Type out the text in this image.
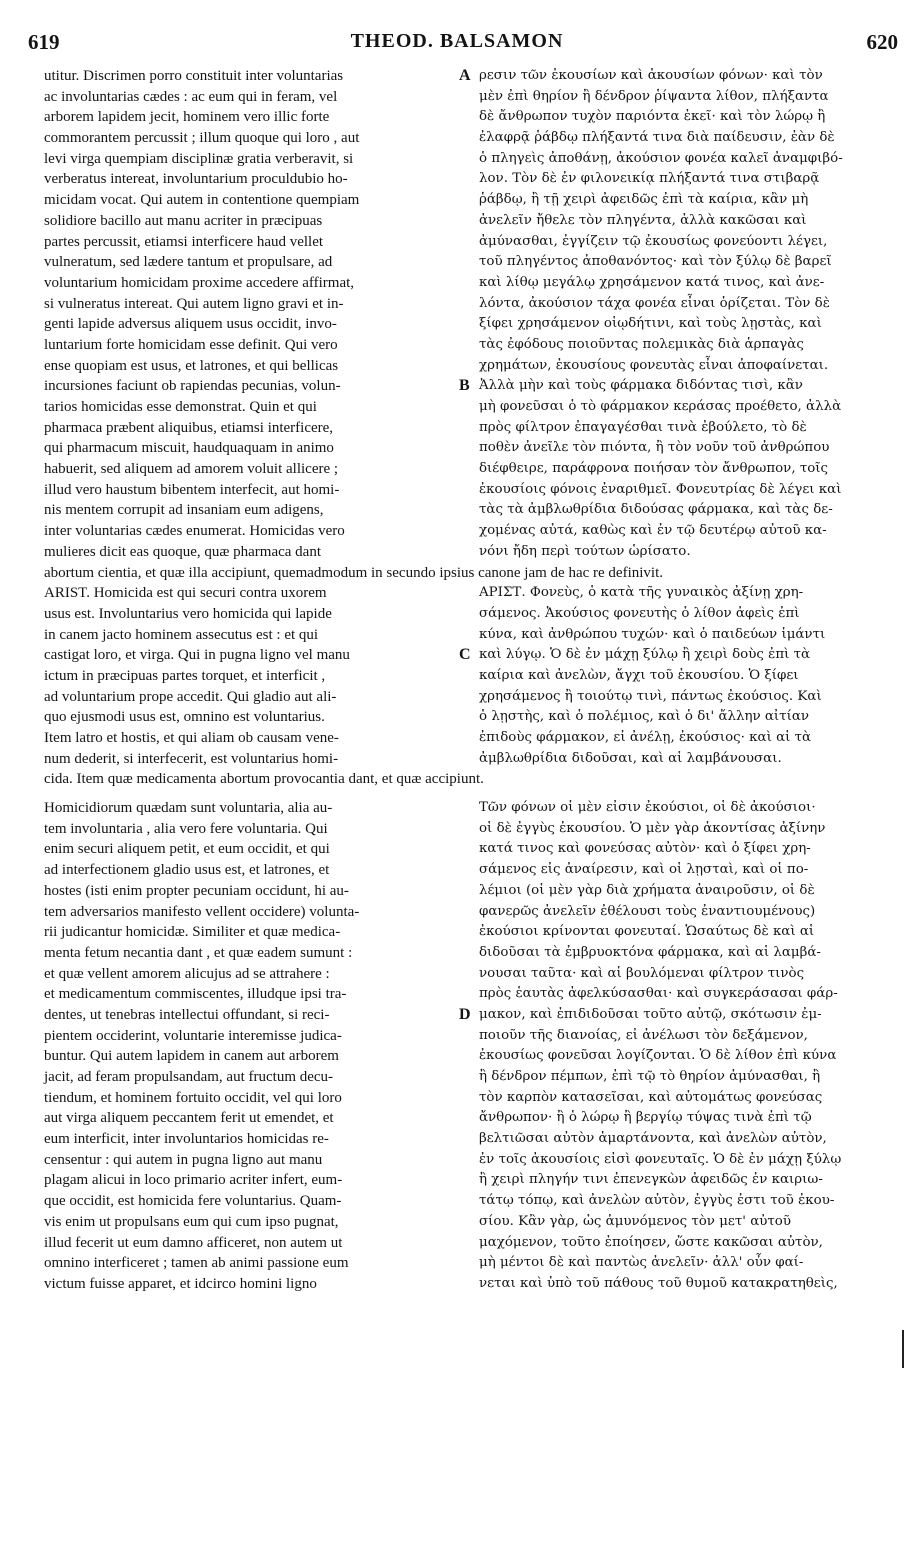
619	THEOD. BALSAMON	620
utitur. Discrimen porro constituit inter voluntarias	A ρεσιν τῶν ἐκουσίων καὶ ἀκουσίων φόνων· καὶ τὸν
ac involuntarias cædes : ac eum qui in feram, vel	μὲν ἐπὶ θηρίον ἢ δένδρον ῥίψαντα λίθον, πλήξαντα
arborem lapidem jecit, hominem vero illic forte	δὲ ἄνθρωπον τυχὸν παριόντα ἐκεῖ· καὶ τὸν λώρῳ ἢ
commorantem percussit ; illum quoque qui loro , aut	ἐλαφρᾷ ῥάβδῳ πλήξαντά τινα διὰ παίδευσιν, ἐὰν δὲ
levi virga quempiam disciplinæ gratia verberavit, si	ὁ πληγεὶς ἀποθάνῃ, ἀκούσιον φονέα καλεῖ ἀναμφιβό-
verberatus intereat, involuntarium proculdubio ho-	λον. Τὸν δὲ ἐν φιλονεικίᾳ πλήξαντά τινα στιβαρᾷ
micidam vocat. Qui autem in contentione quempiam	ῥάβδῳ, ἢ τῇ χειρὶ ἀφειδῶς ἐπὶ τὰ καίρια, κἂν μὴ
solidiore bacillo aut manu acriter in præcipuas	ἀνελεῖν ἤθελε τὸν πληγέντα, ἀλλὰ κακῶσαι καὶ
partes percussit, etiamsi interficere haud vellet	ἀμύνασθαι, ἐγγίζειν τῷ ἐκουσίως φονεύοντι λέγει,
vulneratum, sed lædere tantum et propulsare, ad	τοῦ πληγέντος ἀποθανόντος· καὶ τὸν ξύλῳ δὲ βαρεῖ
voluntarium homicidam proxime accedere affirmat,	καὶ λίθῳ μεγάλῳ χρησάμενον κατά τινος, καὶ ἀνε-
si vulneratus intereat. Qui autem ligno gravi et in-	λόντα, ἀκούσιον τάχα φονέα εἶναι ὁρίζεται. Τὸν δὲ
genti lapide adversus aliquem usus occidit, invo-	ξίφει χρησάμενον οἱῳδήτινι, καὶ τοὺς λῃστὰς, καὶ
luntarium forte homicidam esse definit. Qui vero	τὰς ἐφόδους ποιοῦντας πολεμικὰς διὰ ἁρπαγὰς
ense quopiam est usus, et latrones, et qui bellicas	χρημάτων, ἐκουσίους φονευτὰς εἶναι ἀποφαίνεται.
incursiones faciunt ob rapiendas pecunias, volun-	B Ἀλλὰ μὴν καὶ τοὺς φάρμακα διδόντας τισὶ, κἂν
tarios homicidas esse demonstrat. Quin et qui	μὴ φονεῦσαι ὁ τὸ φάρμακον κεράσας προέθετο, ἀλλὰ
pharmaca præbent aliquibus, etiamsi interficere,	πρὸς φίλτρον ἐπαγαγέσθαι τινὰ ἐβούλετο, τὸ δὲ
qui pharmacum miscuit, haudquaquam in animo	ποθὲν ἀνεῖλε τὸν πιόντα, ἢ τὸν νοῦν τοῦ ἀνθρώπου
habuerit, sed aliquem ad amorem voluit allicere ;	διέφθειρε, παράφρονα ποιήσαν τὸν ἄνθρωπον, τοῖς
illud vero haustum bibentem interfecit, aut homi-	ἐκουσίοις φόνοις ἐναριθμεῖ. Φονευτρίας δὲ λέγει καὶ
nis mentem corrupit ad insaniam eum adigens,	τὰς τὰ ἀμβλωθρίδια διδούσας φάρμακα, καὶ τὰς δε-
inter voluntarias cædes enumerat. Homicidas vero	χομένας αὐτά, καθὼς καὶ ἐν τῷ δευτέρῳ αὐτοῦ κα-
mulieres dicit eas quoque, quæ pharmaca dant	νόνι ἤδη περὶ τούτων ὡρίσατο.
abortum cientia, et quæ illa accipiunt, quemadmodum in secundo ipsius canone jam de hac re definivit.
ARIST. Homicida est qui securi contra uxorem	ΑΡΙΣΤ. Φονεὺς, ὁ κατὰ τῆς γυναικὸς ἀξίνῃ χρη-
usus est. Involuntarius vero homicida qui lapide	σάμενος. Ἀκούσιος φονευτὴς ὁ λίθον ἀφεὶς ἐπὶ
in canem jacto hominem assecutus est : et qui	κύνα, καὶ ἀνθρώπου τυχών· καὶ ὁ παιδεύων ἱμάντι
castigat loro, et virga. Qui in pugna ligno vel manu	C καὶ λύγῳ. Ὁ δὲ ἐν μάχῃ ξύλῳ ἢ χειρὶ δοὺς ἐπὶ τὰ
ictum in præcipuas partes torquet, et interficit ,	καίρια καὶ ἀνελὼν, ἄγχι τοῦ ἐκουσίου. Ὁ ξίφει
ad voluntarium prope accedit. Qui gladio aut ali-	χρησάμενος ἢ τοιούτῳ τινὶ, πάντως ἐκούσιος. Καὶ
quo ejusmodi usus est, omnino est voluntarius.	ὁ λῃστὴς, καὶ ὁ πολέμιος, καὶ ὁ δι' ἄλλην αἰτίαν
Item latro et hostis, et qui aliam ob causam vene-	ἐπιδοὺς φάρμακον, εἰ ἀνέλῃ, ἐκούσιος· καὶ αἱ τὰ
num dederit, si interfecerit, est voluntarius homi-	ἀμβλωθρίδια διδοῦσαι, καὶ αἱ λαμβάνουσαι.
cida. Item quæ medicamenta abortum provocantia dant, et quæ accipiunt.
Homicidiorum quædam sunt voluntaria, alia au-	Τῶν φόνων οἱ μὲν εἰσιν ἐκούσιοι, οἱ δὲ ἀκούσιοι·
tem involuntaria , alia vero fere voluntaria. Qui	οἱ δὲ ἐγγὺς ἐκουσίου. Ὁ μὲν γὰρ ἀκοντίσας ἀξίνην
enim securi aliquem petit, et eum occidit, et qui	κατά τινος καὶ φονεύσας αὐτὸν· καὶ ὁ ξίφει χρη-
ad interfectionem gladio usus est, et latrones, et	σάμενος εἰς ἀναίρεσιν, καὶ οἱ λῃσταὶ, καὶ οἱ πο-
hostes (isti enim propter pecuniam occidunt, hi au-	λέμιοι (οἱ μὲν γὰρ διὰ χρήματα ἀναιροῦσιν, οἱ δὲ
tem adversarios manifesto vellent occidere) volunta-	φανερῶς ἀνελεῖν ἐθέλουσι τοὺς ἐναντιουμένους)
rii judicantur homicidæ. Similiter et quæ medica-	ἐκούσιοι κρίνονται φονευταί. Ὡσαύτως δὲ καὶ αἱ
menta fetum necantia dant , et quæ eadem sumunt :	διδοῦσαι τὰ ἐμβρυοκτόνα φάρμακα, καὶ αἱ λαμβά-
et quæ vellent amorem alicujus ad se attrahere :	νουσαι ταῦτα· καὶ αἱ βουλόμεναι φίλτρον τινὸς
et medicamentum commiscentes, illudque ipsi tra-	πρὸς ἑαυτὰς ἀφελκύσασθαι· καὶ συγκεράσασαι φάρ-
dentes, ut tenebras intellectui offundant, si reci-	D μακον, καὶ ἐπιδιδοῦσαι τοῦτο αὐτῷ, σκότωσιν ἐμ-
pientem occiderint, voluntarie interemisse judica-	ποιοῦν τῆς διανοίας, εἰ ἀνέλωσι τὸν δεξάμενον,
buntur. Qui autem lapidem in canem aut arborem	ἐκουσίως φονεῦσαι λογίζονται. Ὁ δὲ λίθον ἐπὶ κύνα
jacit, ad feram propulsandam, aut fructum decu-	ἢ δένδρον πέμπων, ἐπὶ τῷ τὸ θηρίον ἀμύνασθαι, ἢ
tiendum, et hominem fortuito occidit, vel qui loro	τὸν καρπὸν κατασεῖσαι, καὶ αὐτομάτως φονεύσας
aut virga aliquem peccantem ferit ut emendet, et	ἄνθρωπον· ἢ ὁ λώρῳ ἢ βεργίῳ τύψας τινὰ ἐπὶ τῷ
eum interficit, inter involuntarios homicidas re-	βελτιῶσαι αὐτὸν ἁμαρτάνοντα, καὶ ἀνελὼν αὐτὸν,
censentur : qui autem in pugna ligno aut manu	ἐν τοῖς ἀκουσίοις εἰσὶ φονευταῖς. Ὁ δὲ ἐν μάχῃ ξύλῳ
plagam alicui in loco primario acriter infert, eum-	ἢ χειρὶ πληγήν τινι ἐπενεγκὼν ἀφειδῶς ἐν καιριω-
que occidit, est homicida fere voluntarius. Quam-	τάτῳ τόπῳ, καὶ ἀνελὼν αὐτὸν, ἐγγὺς ἐστι τοῦ ἐκου-
vis enim ut propulsans eum qui cum ipso pugnat,	σίου. Κἂν γὰρ, ὡς ἀμυνόμενος τὸν μετ' αὐτοῦ
illud fecerit ut eum damno afficeret, non autem ut	μαχόμενον, τοῦτο ἐποίησεν, ὥστε κακῶσαι αὐτὸν,
omnino interficeret ; tamen ab animi passione eum	μὴ μέντοι δὲ καὶ παντὼς ἀνελεῖν· ἀλλ' οὖν φαί-
victum fuisse apparet, et idcirco homini ligno	νεται καὶ ὑπὸ τοῦ πάθους τοῦ θυμοῦ κατακρατηθεὶς,
